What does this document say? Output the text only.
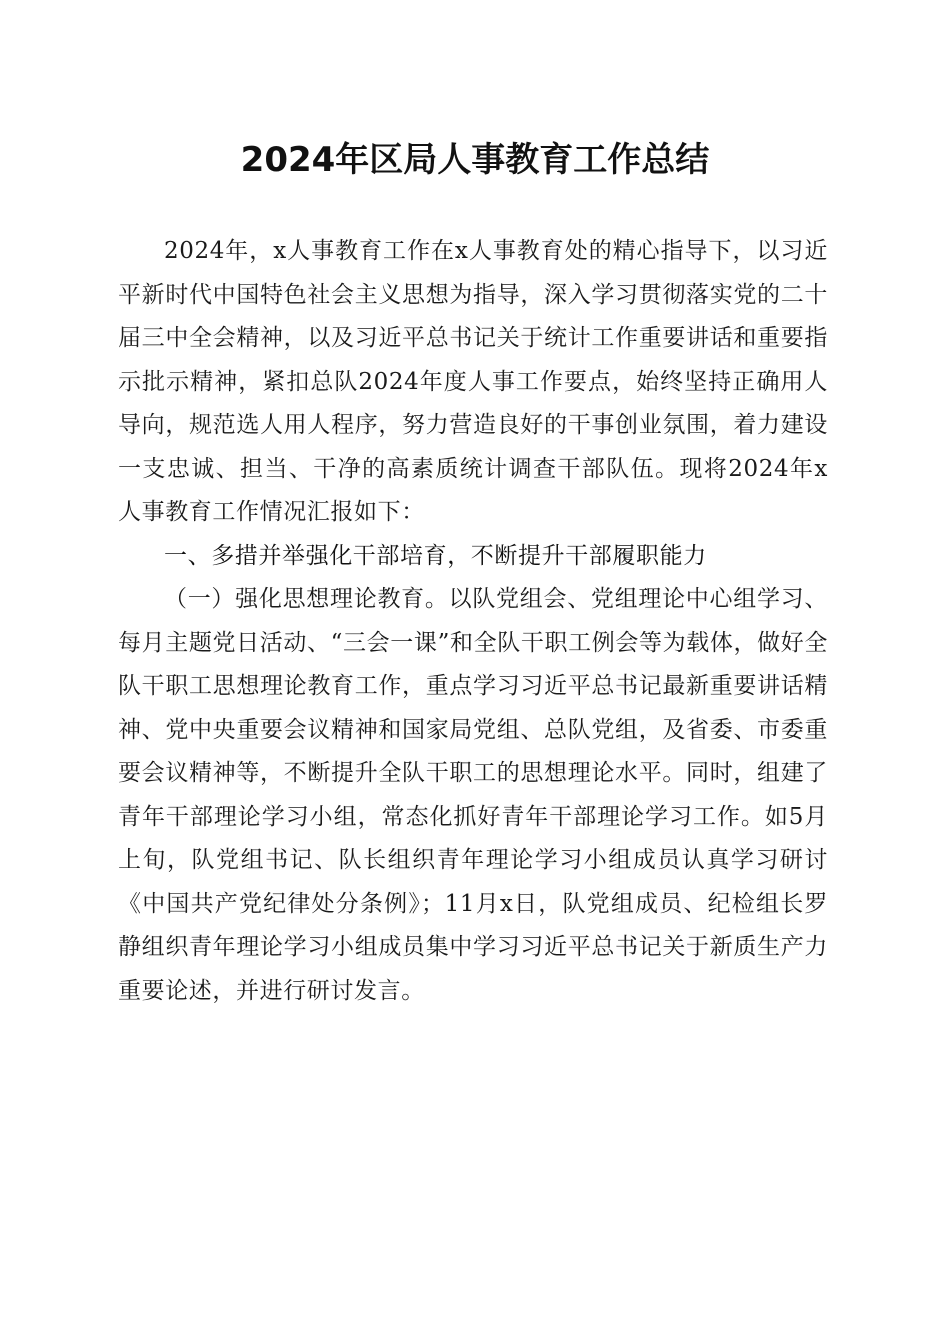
2024年区局人事教育工作总结

2024年，x人事教育工作在x人事教育处的精心指导下，以习近平新时代中国特色社会主义思想为指导，深入学习贯彻落实党的二十届三中全会精神，以及习近平总书记关于统计工作重要讲话和重要指示批示精神，紧扣总队2024年度人事工作要点，始终坚持正确用人导向，规范选人用人程序，努力营造良好的干事创业氛围，着力建设一支忠诚、担当、干净的高素质统计调查干部队伍。现将2024年x人事教育工作情况汇报如下：

一、多措并举强化干部培育，不断提升干部履职能力

（一）强化思想理论教育。以队党组会、党组理论中心组学习、每月主题党日活动、“三会一课”和全队干职工例会等为载体，做好全队干职工思想理论教育工作，重点学习习近平总书记最新重要讲话精神、党中央重要会议精神和国家局党组、总队党组，及省委、市委重要会议精神等，不断提升全队干职工的思想理论水平。同时，组建了青年干部理论学习小组，常态化抓好青年干部理论学习工作。如5月上旬，队党组书记、队长组织青年理论学习小组成员认真学习研讨《中国共产党纪律处分条例》；11月x日，队党组成员、纪检组长罗静组织青年理论学习小组成员集中学习习近平总书记关于新质生产力重要论述，并进行研讨发言。
